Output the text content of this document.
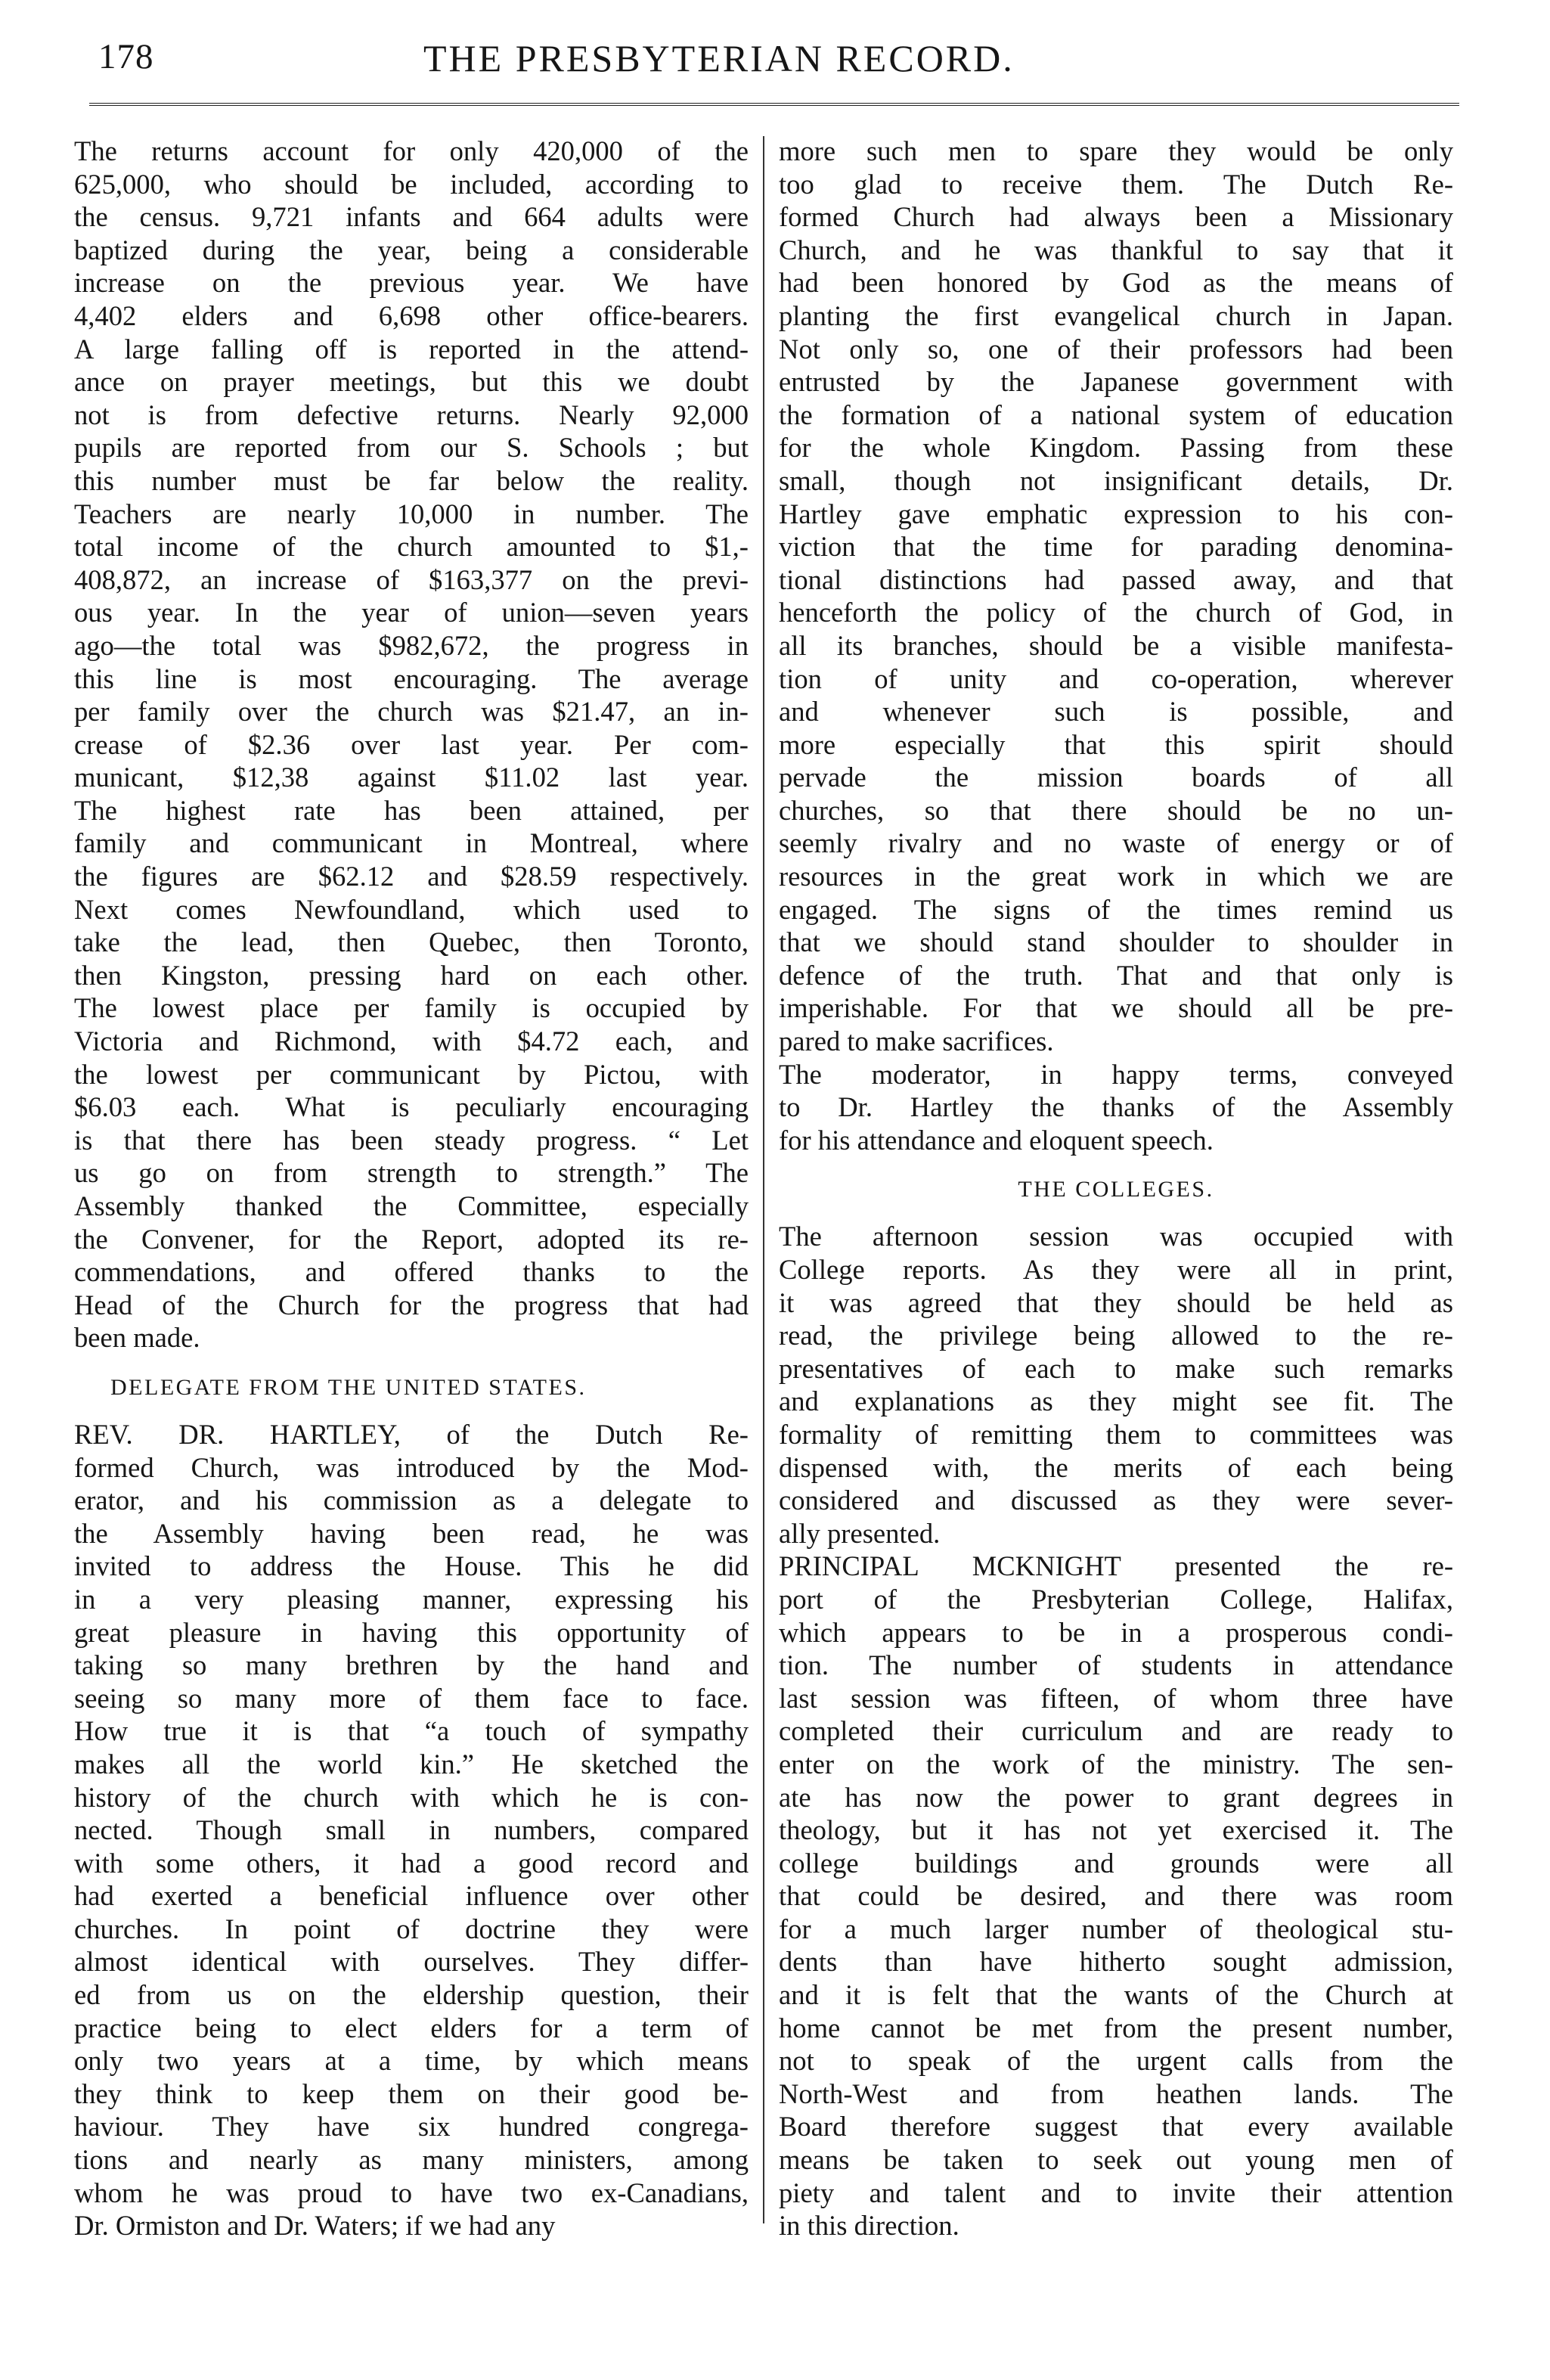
178	THE PRESBYTERIAN RECORD.
The returns account for only 420,000 of the
625,000, who should be included, according to
the census. 9,721 infants and 664 adults were
baptized during the year, being a considerable
increase on the previous year. We have
4,402 elders and 6,698 other office-bearers.
A large falling off is reported in the attend-
ance on prayer meetings, but this we doubt
not is from defective returns. Nearly 92,000
pupils are reported from our S. Schools ; but
this number must be far below the reality.
Teachers are nearly 10,000 in number. The
total income of the church amounted to $1,-
408,872, an increase of $163,377 on the previ-
ous year. In the year of union—seven years
ago—the total was $982,672, the progress in
this line is most encouraging. The average
per family over the church was $21.47, an in-
crease of $2.36 over last year. Per com-
municant, $12,38 against $11.02 last year.
The highest rate has been attained, per
family and communicant in Montreal, where
the figures are $62.12 and $28.59 respectively.
Next comes Newfoundland, which used to
take the lead, then Quebec, then Toronto,
then Kingston, pressing hard on each other.
The lowest place per family is occupied by
Victoria and Richmond, with $4.72 each, and
the lowest per communicant by Pictou, with
$6.03 each. What is peculiarly encouraging
is that there has been steady progress. “ Let
us go on from strength to strength.” The
Assembly thanked the Committee, especially
the Convener, for the Report, adopted its re-
commendations, and offered thanks to the
Head of the Church for the progress that had
been made.
DELEGATE FROM THE UNITED STATES.
REV. DR. HARTLEY, of the Dutch Re-
formed Church, was introduced by the Mod-
erator, and his commission as a delegate to
the Assembly having been read, he was
invited to address the House. This he did
in a very pleasing manner, expressing his
great pleasure in having this opportunity of
taking so many brethren by the hand and
seeing so many more of them face to face.
How true it is that “a touch of sympathy
makes all the world kin.” He sketched the
history of the church with which he is con-
nected. Though small in numbers, compared
with some others, it had a good record and
had exerted a beneficial influence over other
churches. In point of doctrine they were
almost identical with ourselves. They differ-
ed from us on the eldership question, their
practice being to elect elders for a term of
only two years at a time, by which means
they think to keep them on their good be-
haviour. They have six hundred congrega-
tions and nearly as many ministers, among
whom he was proud to have two ex-Canadians,
Dr. Ormiston and Dr. Waters; if we had any
more such men to spare they would be only
too glad to receive them. The Dutch Re-
formed Church had always been a Missionary
Church, and he was thankful to say that it
had been honored by God as the means of
planting the first evangelical church in Japan.
Not only so, one of their professors had been
entrusted by the Japanese government with
the formation of a national system of education
for the whole Kingdom. Passing from these
small, though not insignificant details, Dr.
Hartley gave emphatic expression to his con-
viction that the time for parading denomina-
tional distinctions had passed away, and that
henceforth the policy of the church of God, in
all its branches, should be a visible manifesta-
tion of unity and co-operation, wherever
and whenever such is possible, and
more especially that this spirit should
pervade the mission boards of all
churches, so that there should be no un-
seemly rivalry and no waste of energy or of
resources in the great work in which we are
engaged. The signs of the times remind us
that we should stand shoulder to shoulder in
defence of the truth. That and that only is
imperishable. For that we should all be pre-
pared to make sacrifices.
The moderator, in happy terms, conveyed
to Dr. Hartley the thanks of the Assembly
for his attendance and eloquent speech.
THE COLLEGES.
The afternoon session was occupied with
College reports. As they were all in print,
it was agreed that they should be held as
read, the privilege being allowed to the re-
presentatives of each to make such remarks
and explanations as they might see fit. The
formality of remitting them to committees was
dispensed with, the merits of each being
considered and discussed as they were sever-
ally presented.
PRINCIPAL MCKNIGHT presented the re-
port of the Presbyterian College, Halifax,
which appears to be in a prosperous condi-
tion. The number of students in attendance
last session was fifteen, of whom three have
completed their curriculum and are ready to
enter on the work of the ministry. The sen-
ate has now the power to grant degrees in
theology, but it has not yet exercised it. The
college buildings and grounds were all
that could be desired, and there was room
for a much larger number of theological stu-
dents than have hitherto sought admission,
and it is felt that the wants of the Church at
home cannot be met from the present number,
not to speak of the urgent calls from the
North-West and from heathen lands. The
Board therefore suggest that every available
means be taken to seek out young men of
piety and talent and to invite their attention
in this direction.
